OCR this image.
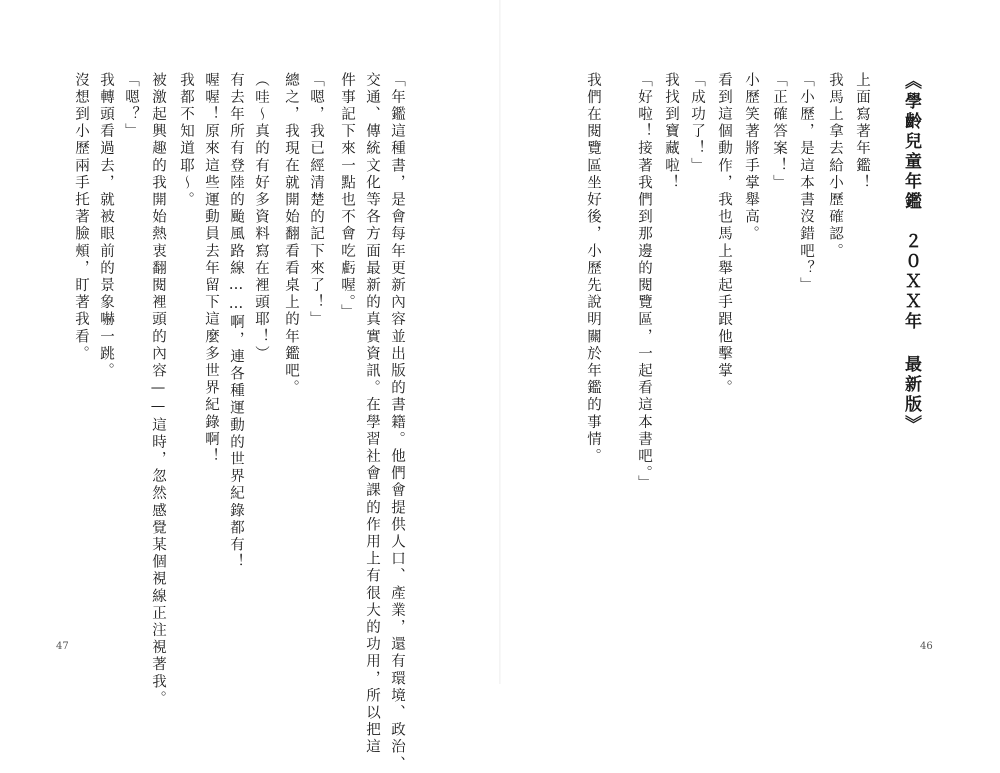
「年鑑這種書，是會每年更新內容並出版的書籍。他們會提供人口、產業，還有環境、政治、
交通、傳統文化等各方面最新的真實資訊。在學習社會課的作用上有很大的功用，所以把這
件事記下來一點也不會吃虧喔。」
「嗯，我已經清楚的記下來了！」
總之，我現在就開始翻看看桌上的年鑑吧。
（哇～真的有好多資料寫在裡頭耶！）
有去年所有登陸的颱風路線……啊，連各種運動的世界紀錄都有！
喔喔！原來這些運動員去年留下這麼多世界紀錄啊！
我都不知道耶～。
被激起興趣的我開始熱衷翻閱裡頭的內容——這時，忽然感覺某個視線正注視著我。
「嗯？」
我轉頭看過去，就被眼前的景象嚇一跳。
沒想到小歷兩手托著臉頰，盯著我看。	《學齡兒童年鑑　２０ＸＸ年 最新版》
上面寫著年鑑！
我馬上拿去給小歷確認。
「小歷，是這本書沒錯吧？」
「正確答案！」
小歷笑著將手掌舉高。
看到這個動作，我也馬上舉起手跟他擊掌。
「成功了！」
我找到寶藏啦！
「好啦！接著我們到那邊的閱覽區，一起看這本書吧。」
我們在閱覽區坐好後，小歷先說明關於年鑑的事情。
47	46
